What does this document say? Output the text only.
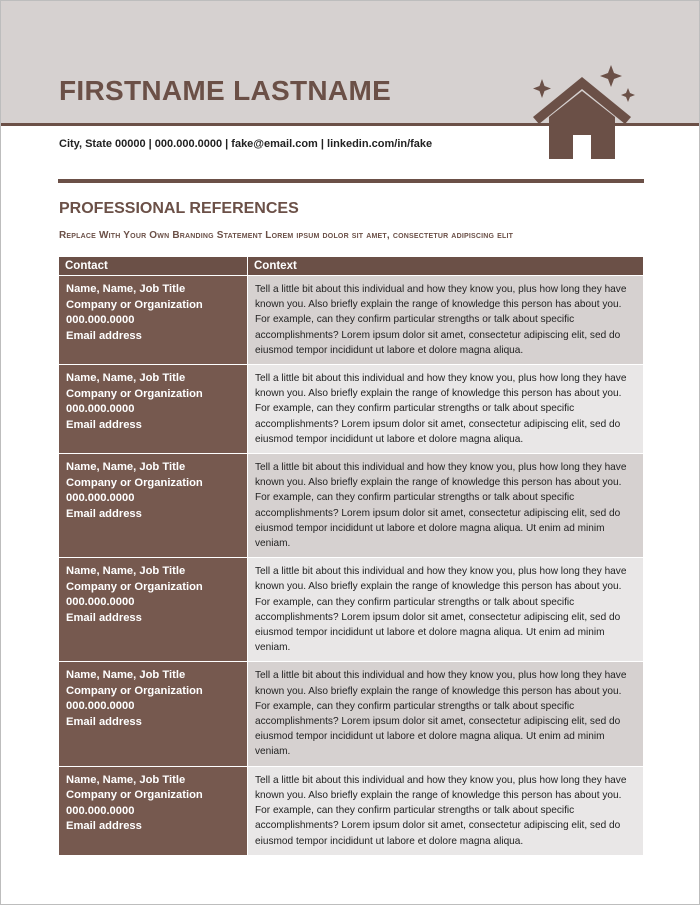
FIRSTNAME LASTNAME
City, State 00000 | 000.000.0000 | fake@email.com | linkedin.com/in/fake
PROFESSIONAL REFERENCES
Replace With Your Own Branding Statement Lorem ipsum dolor sit amet, consectetur adipiscing elit
Contact	Context
Name, Name, Job Title
Company or Organization
000.000.0000
Email address
Tell a little bit about this individual and how they know you, plus how long they have known you. Also briefly explain the range of knowledge this person has about you. For example, can they confirm particular strengths or talk about specific accomplishments? Lorem ipsum dolor sit amet, consectetur adipiscing elit, sed do eiusmod tempor incididunt ut labore et dolore magna aliqua.
Name, Name, Job Title
Company or Organization
000.000.0000
Email address
Tell a little bit about this individual and how they know you, plus how long they have known you. Also briefly explain the range of knowledge this person has about you. For example, can they confirm particular strengths or talk about specific accomplishments? Lorem ipsum dolor sit amet, consectetur adipiscing elit, sed do eiusmod tempor incididunt ut labore et dolore magna aliqua.
Name, Name, Job Title
Company or Organization
000.000.0000
Email address
Tell a little bit about this individual and how they know you, plus how long they have known you. Also briefly explain the range of knowledge this person has about you. For example, can they confirm particular strengths or talk about specific accomplishments? Lorem ipsum dolor sit amet, consectetur adipiscing elit, sed do eiusmod tempor incididunt ut labore et dolore magna aliqua. Ut enim ad minim veniam.
Name, Name, Job Title
Company or Organization
000.000.0000
Email address
Tell a little bit about this individual and how they know you, plus how long they have known you. Also briefly explain the range of knowledge this person has about you. For example, can they confirm particular strengths or talk about specific accomplishments? Lorem ipsum dolor sit amet, consectetur adipiscing elit, sed do eiusmod tempor incididunt ut labore et dolore magna aliqua. Ut enim ad minim veniam.
Name, Name, Job Title
Company or Organization
000.000.0000
Email address
Tell a little bit about this individual and how they know you, plus how long they have known you. Also briefly explain the range of knowledge this person has about you. For example, can they confirm particular strengths or talk about specific accomplishments? Lorem ipsum dolor sit amet, consectetur adipiscing elit, sed do eiusmod tempor incididunt ut labore et dolore magna aliqua. Ut enim ad minim veniam.
Name, Name, Job Title
Company or Organization
000.000.0000
Email address
Tell a little bit about this individual and how they know you, plus how long they have known you. Also briefly explain the range of knowledge this person has about you. For example, can they confirm particular strengths or talk about specific accomplishments? Lorem ipsum dolor sit amet, consectetur adipiscing elit, sed do eiusmod tempor incididunt ut labore et dolore magna aliqua.
